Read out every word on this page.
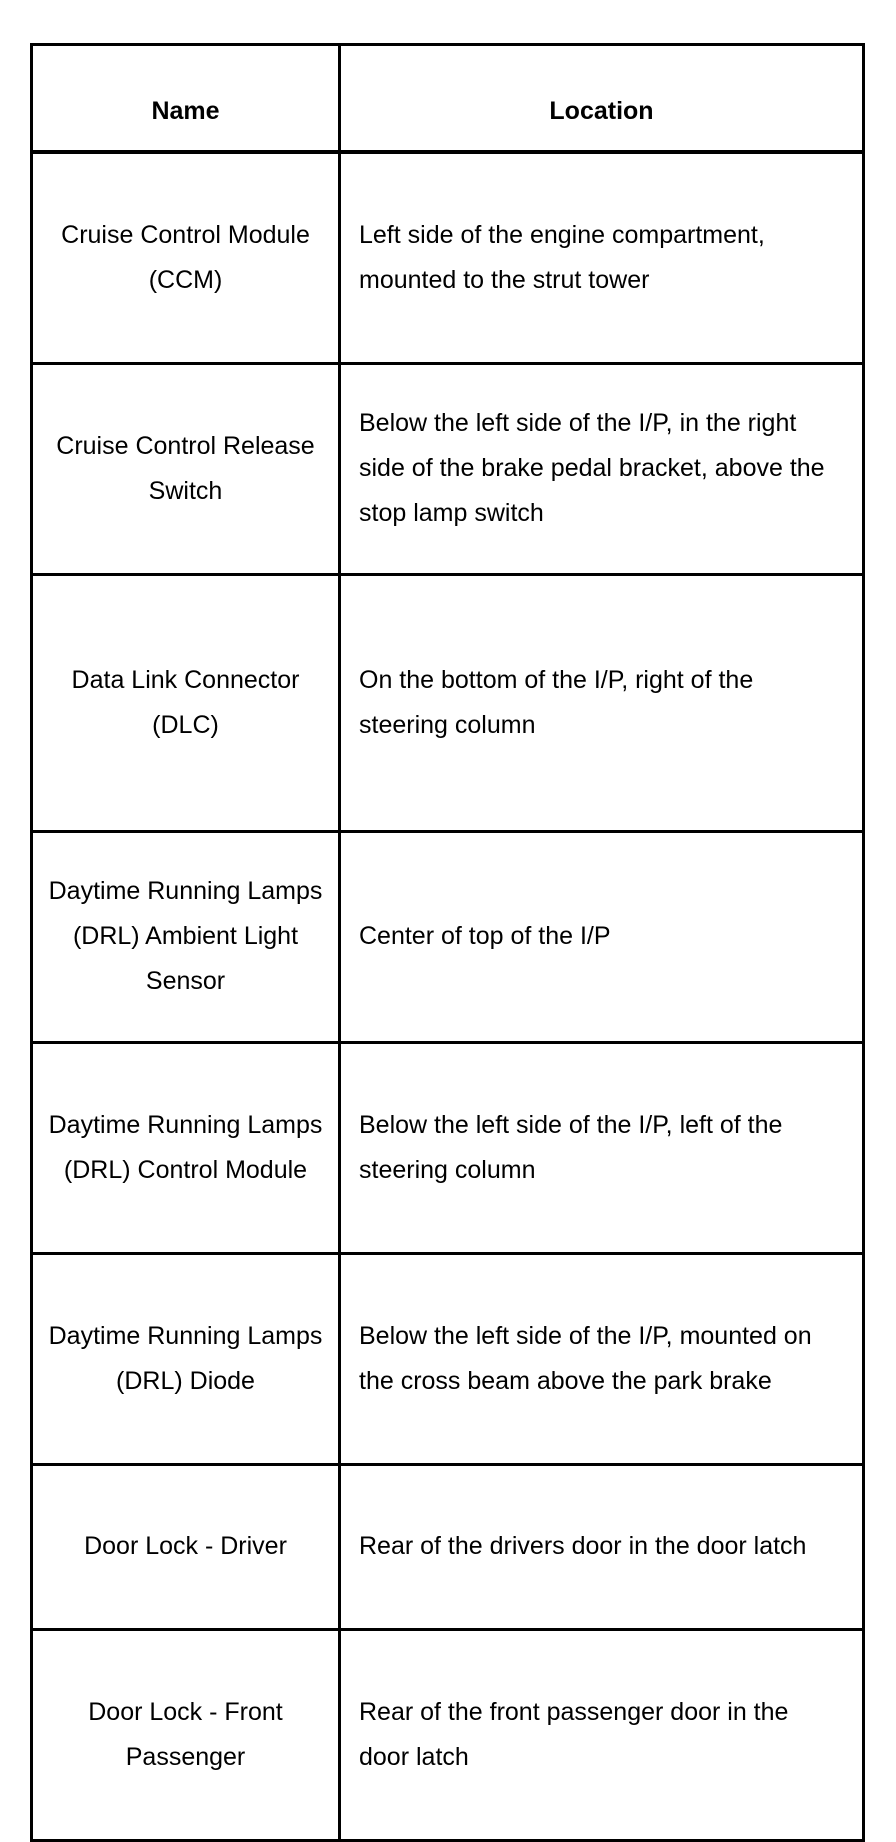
Name	Location
Cruise Control Module (CCM)	Left side of the engine compartment, mounted to the strut tower
Cruise Control Release Switch	Below the left side of the I/P, in the right side of the brake pedal bracket, above the stop lamp switch
Data Link Connector (DLC)	On the bottom of the I/P, right of the steering column
Daytime Running Lamps (DRL) Ambient Light Sensor	Center of top of the I/P
Daytime Running Lamps (DRL) Control Module	Below the left side of the I/P, left of the steering column
Daytime Running Lamps (DRL) Diode	Below the left side of the I/P, mounted on the cross beam above the park brake
Door Lock - Driver	Rear of the drivers door in the door latch
Door Lock - Front Passenger	Rear of the front passenger door in the door latch
